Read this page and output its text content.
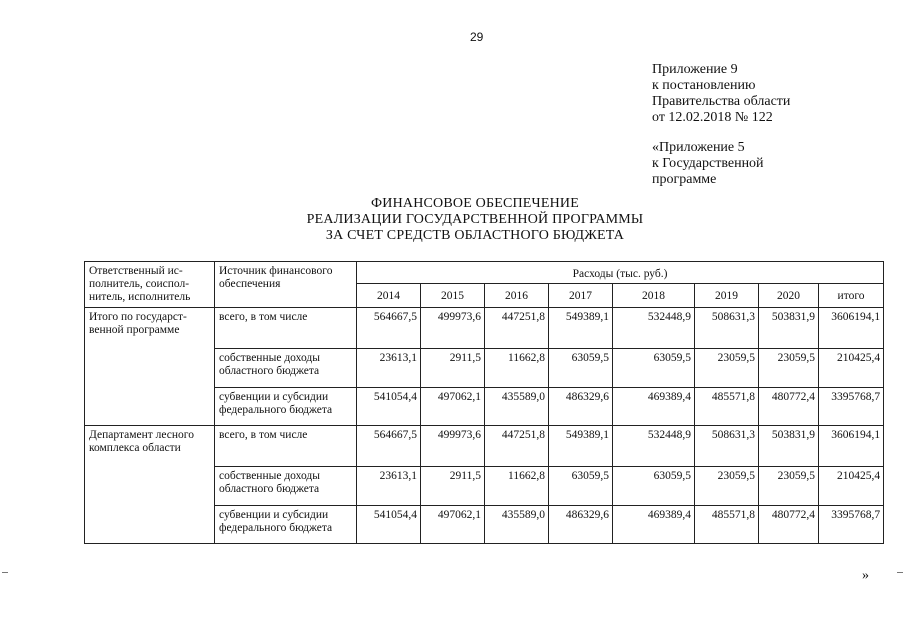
29
Приложение 9
к постановлению
Правительства области
от 12.02.2018 № 122
«Приложение 5
к Государственной
программе
ФИНАНСОВОЕ ОБЕСПЕЧЕНИЕ
РЕАЛИЗАЦИИ ГОСУДАРСТВЕННОЙ ПРОГРАММЫ
ЗА СЧЕТ СРЕДСТВ ОБЛАСТНОГО БЮДЖЕТА
Ответственный ис-полнитель, соиспол-нитель, исполнитель	Источник финансового обеспечения	Расходы (тыс. руб.)							
		2014	2015	2016	2017	2018	2019	2020	итого
Итого по государст-венной программе	всего, в том числе	564667,5	499973,6	447251,8	549389,1	532448,9	508631,3	503831,9	3606194,1
	собственные доходы областного бюджета	23613,1	2911,5	11662,8	63059,5	63059,5	23059,5	23059,5	210425,4
	субвенции и субсидии федерального бюджета	541054,4	497062,1	435589,0	486329,6	469389,4	485571,8	480772,4	3395768,7
Департамент лесного комплекса области	всего, в том числе	564667,5	499973,6	447251,8	549389,1	532448,9	508631,3	503831,9	3606194,1
	собственные доходы областного бюджета	23613,1	2911,5	11662,8	63059,5	63059,5	23059,5	23059,5	210425,4
	субвенции и субсидии федерального бюджета	541054,4	497062,1	435589,0	486329,6	469389,4	485571,8	480772,4	3395768,7
»
